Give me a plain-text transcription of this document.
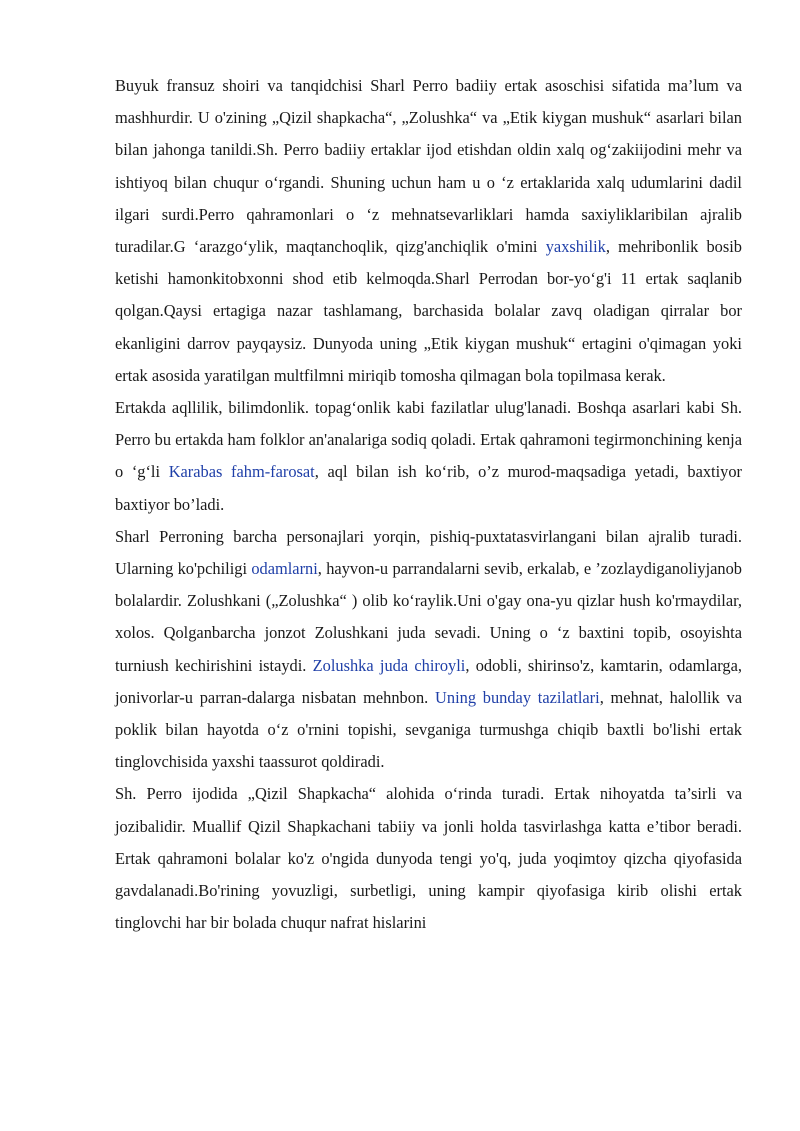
Buyuk fransuz shoiri va tanqidchisi Sharl Perro badiiy ertak asoschisi sifatida ma’lum va mashhurdir. U o'zining „Qizil shapkacha“, „Zolushka“ va „Etik kiygan mushuk“ asarlari bilan bilan jahonga tanildi.Sh. Perro badiiy ertaklar ijod etishdan oldin xalq og‘zakiijodini mehr va ishtiyoq bilan chuqur o‘rgandi. Shuning uchun ham u o ‘z ertaklarida xalq udumlarini dadil ilgari surdi.Perro qahramonlari o ‘z mehnatsevarliklari hamda saxiyliklaribilan ajralib turadilar.G ‘arazgo‘ylik, maqtanchoqlik, qizg'anchiqlik o'mini yaxshilik, mehribonlik bosib ketishi hamonkitobxonni shod etib kelmoqda.Sharl Perrodan bor-yo‘g'i 11 ertak saqlanib qolgan.Qaysi ertagiga nazar tashlamang, barchasida bolalar zavq oladigan qirralar bor ekanligini darrov payqaysiz. Dunyoda uning „Etik kiygan mushuk“ ertagini o'qimagan yoki ertak asosida yaratilgan multfilmni miriqib tomosha qilmagan bola topilmasa kerak.

Ertakda aqllilik, bilimdonlik. topag‘onlik kabi fazilatlar ulug'lanadi. Boshqa asarlari kabi Sh. Perro bu ertakda ham folklor an'analariga sodiq qoladi. Ertak qahramoni tegirmonchining kenja o ‘g‘li Karabas fahm-farosat, aql bilan ish ko‘rib, o’z murod-maqsadiga yetadi, baxtiyor baxtiyor bo’ladi.

Sharl Perroning barcha personajlari yorqin, pishiq-puxtatasvirlangani bilan ajralib turadi. Ularning ko'pchiligi odamlarni, hayvon-u parrandalarni sevib, erkalab, e ’zozlaydiganoliyjanob bolalardir. Zolushkani („Zolushka“ ) olib ko‘raylik.Uni o'gay ona-yu qizlar hush ko'rmaydilar, xolos. Qolganbarcha jonzot Zolushkani juda sevadi. Uning o ‘z baxtini topib, osoyishta turniush kechirishini istaydi. Zolushka juda chiroyli, odobli, shirinso'z, kamtarin, odamlarga, jonivorlar-u parran-dalarga nisbatan mehnbon. Uning bunday tazilatlari, mehnat, halollik va poklik bilan hayotda o‘z o'rnini topishi, sevganiga turmushga chiqib baxtli bo'lishi ertak tinglovchisida yaxshi taassurot qoldiradi.

Sh. Perro ijodida „Qizil Shapkacha“ alohida o‘rinda turadi. Ertak nihoyatda ta’sirli va jozibalidir. Muallif Qizil Shapkachani tabiiy va jonli holda tasvirlashga katta e’tibor beradi. Ertak qahramoni bolalar ko'z o'ngida dunyoda tengi yo'q, juda yoqimtoy qizcha qiyofasida gavdalanadi.Bo'rining yovuzligi, surbetligi, uning kampir qiyofasiga kirib olishi ertak tinglovchi har bir bolada chuqur nafrat hislarini
